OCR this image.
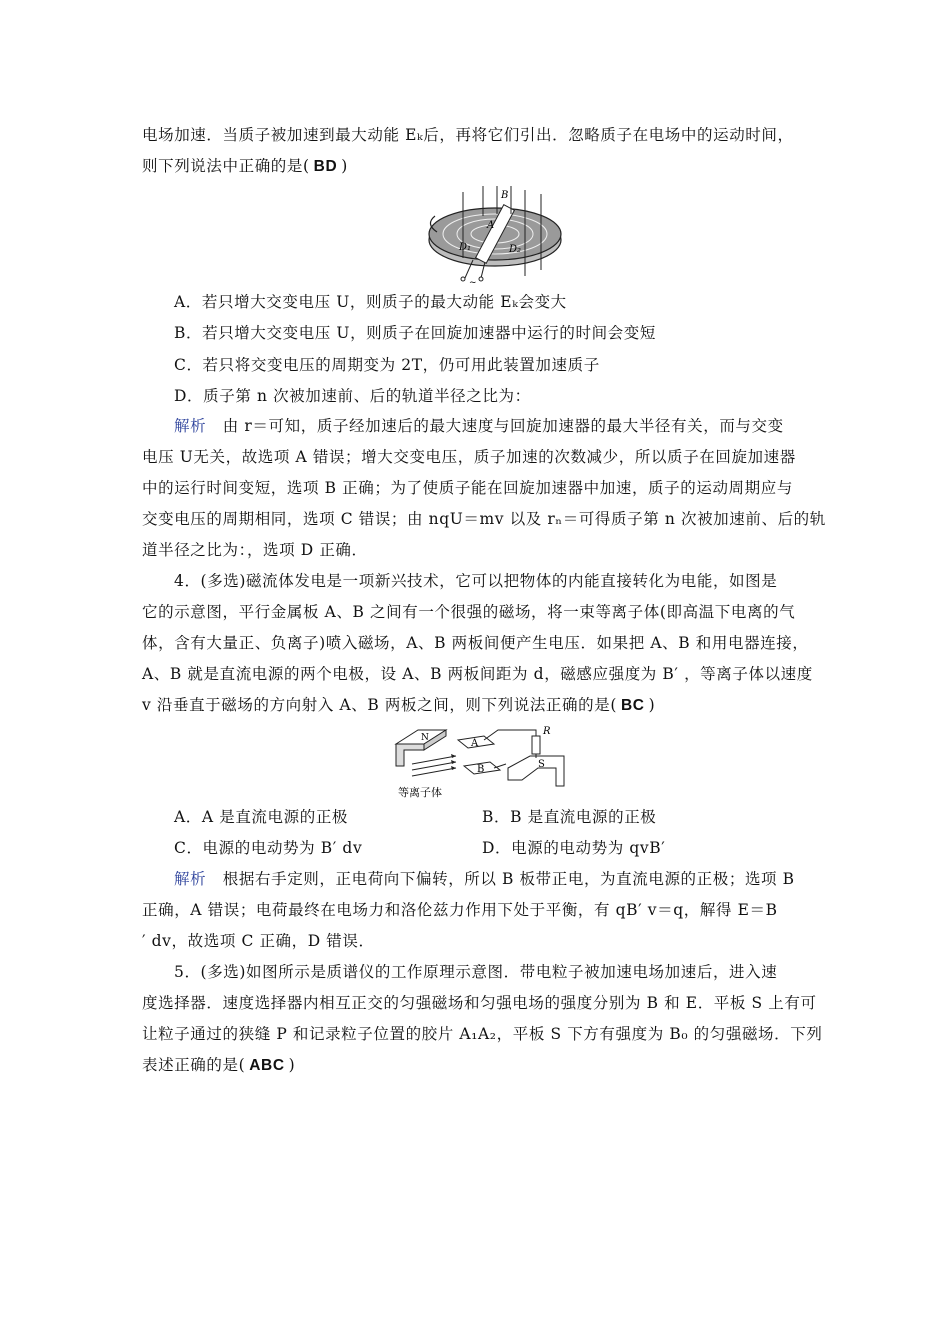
电场加速．当质子被加速到最大动能 Eₖ后，再将它们引出．忽略质子在电场中的运动时间，
则下列说法中正确的是( BD )
B
A
D₁	D₂
~
A．若只增大交变电压 U，则质子的最大动能 Eₖ会变大
B．若只增大交变电压 U，则质子在回旋加速器中运行的时间会变短
C．若只将交变电压的周期变为 2T，仍可用此装置加速质子
D．质子第 n 次被加速前、后的轨道半径之比为：
解析 由 r＝可知，质子经加速后的最大速度与回旋加速器的最大半径有关，而与交变
电压 U无关，故选项 A 错误；增大交变电压，质子加速的次数减少，所以质子在回旋加速器
中的运行时间变短，选项 B 正确；为了使质子能在回旋加速器中加速，质子的运动周期应与
交变电压的周期相同，选项 C 错误；由 nqU＝mv 以及 rₙ＝可得质子第 n 次被加速前、后的轨
道半径之比为：，选项 D 正确．
4．(多选)磁流体发电是一项新兴技术，它可以把物体的内能直接转化为电能，如图是
它的示意图，平行金属板 A、B 之间有一个很强的磁场，将一束等离子体(即高温下电离的气
体，含有大量正、负离子)喷入磁场，A、B 两板间便产生电压．如果把 A、B 和用电器连接，
A、B 就是直流电源的两个电极，设 A、B 两板间距为 d，磁感应强度为 B′ ，等离子体以速度
v 沿垂直于磁场的方向射入 A、B 两板之间，则下列说法正确的是( BC )
N	A
B	S
R
等离子体
A．A 是直流电源的正极	B．B 是直流电源的正极
C．电源的电动势为 B′ dv	D．电源的电动势为 qvB′
解析 根据右手定则，正电荷向下偏转，所以 B 板带正电，为直流电源的正极；选项 B
正确，A 错误；电荷最终在电场力和洛伦兹力作用下处于平衡，有 qB′ v＝q，解得 E＝B
′ dv，故选项 C 正确，D 错误．
5．(多选)如图所示是质谱仪的工作原理示意图．带电粒子被加速电场加速后，进入速
度选择器．速度选择器内相互正交的匀强磁场和匀强电场的强度分别为 B 和 E．平板 S 上有可
让粒子通过的狭缝 P 和记录粒子位置的胶片 A₁A₂，平板 S 下方有强度为 B₀ 的匀强磁场．下列
表述正确的是( ABC )
